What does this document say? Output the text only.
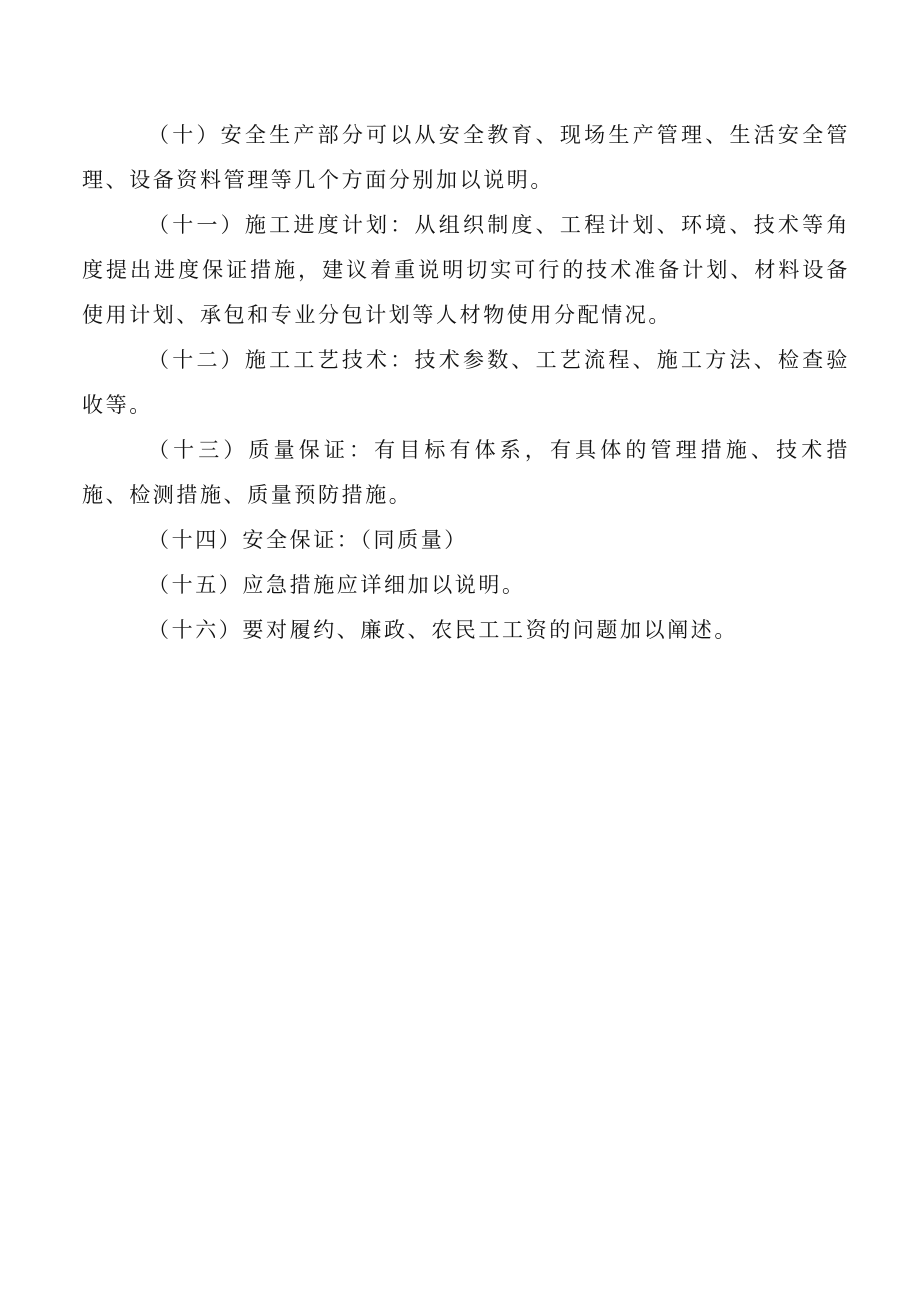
（十）安全生产部分可以从安全教育、现场生产管理、生活安全管理、设备资料管理等几个方面分别加以说明。

（十一）施工进度计划：从组织制度、工程计划、环境、技术等角度提出进度保证措施，建议着重说明切实可行的技术准备计划、材料设备使用计划、承包和专业分包计划等人材物使用分配情况。

（十二）施工工艺技术：技术参数、工艺流程、施工方法、检查验收等。

（十三）质量保证：有目标有体系，有具体的管理措施、技术措施、检测措施、质量预防措施。

（十四）安全保证：（同质量）

（十五）应急措施应详细加以说明。

（十六）要对履约、廉政、农民工工资的问题加以阐述。
